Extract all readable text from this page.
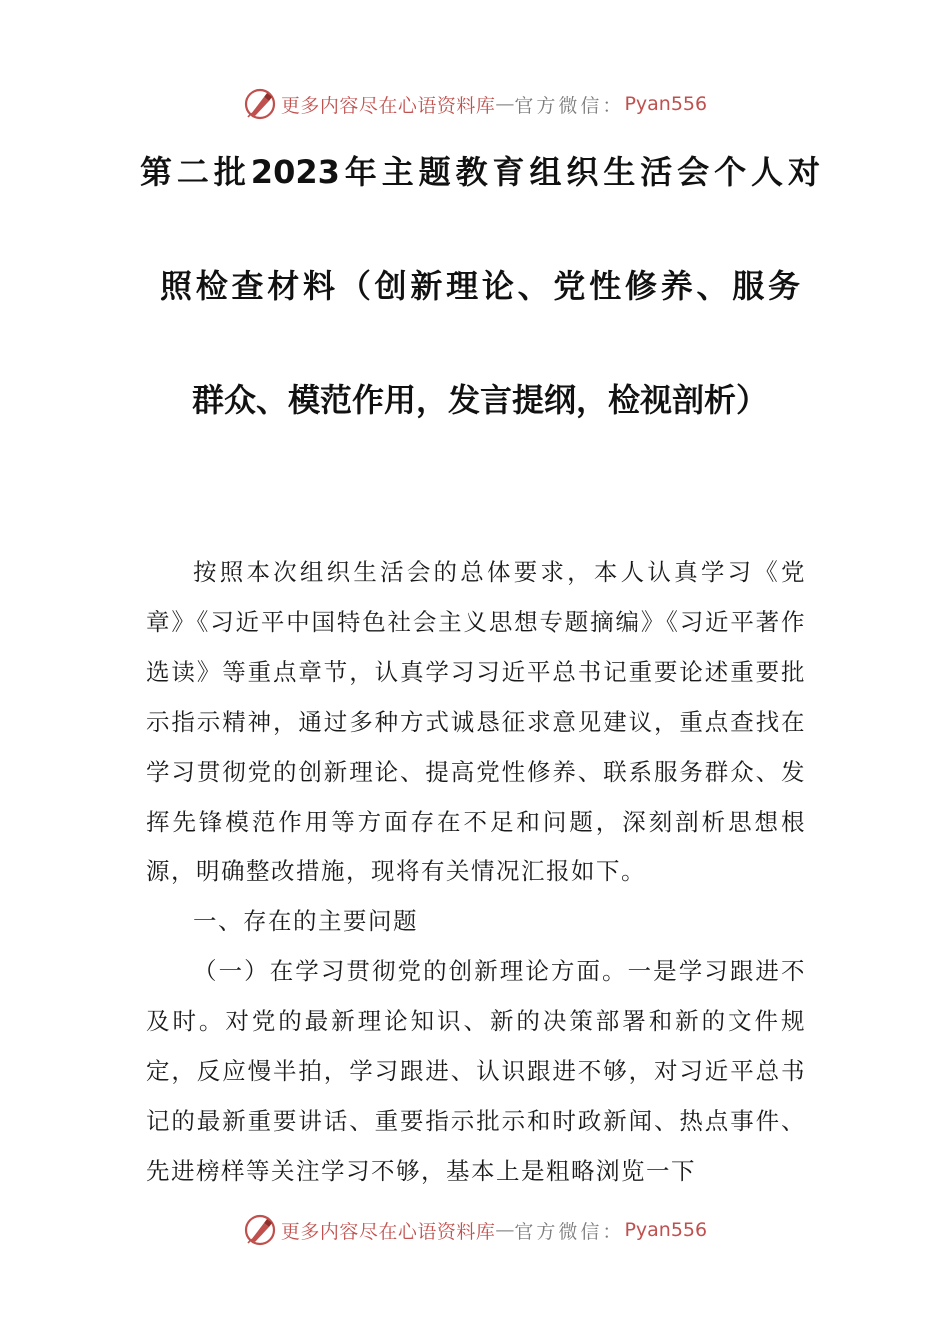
更多内容尽在心语资料库 — 官方微信： Pyan556
第二批2023年主题教育组织生活会个人对
照检查材料（创新理论、党性修养、服务
群众、模范作用，发言提纲，检视剖析）

按照本次组织生活会的总体要求，本人认真学习《党章》《习近平中国特色社会主义思想专题摘编》《习近平著作选读》等重点章节，认真学习习近平总书记重要论述重要批示指示精神，通过多种方式诚恳征求意见建议，重点查找在学习贯彻党的创新理论、提高党性修养、联系服务群众、发挥先锋模范作用等方面存在不足和问题，深刻剖析思想根源，明确整改措施，现将有关情况汇报如下。

一、存在的主要问题

（一）在学习贯彻党的创新理论方面。一是学习跟进不及时。对党的最新理论知识、新的决策部署和新的文件规定，反应慢半拍，学习跟进、认识跟进不够，对习近平总书记的最新重要讲话、重要指示批示和时政新闻、热点事件、先进榜样等关注学习不够，基本上是粗略浏览一下

更多内容尽在心语资料库 — 官方微信： Pyan556
